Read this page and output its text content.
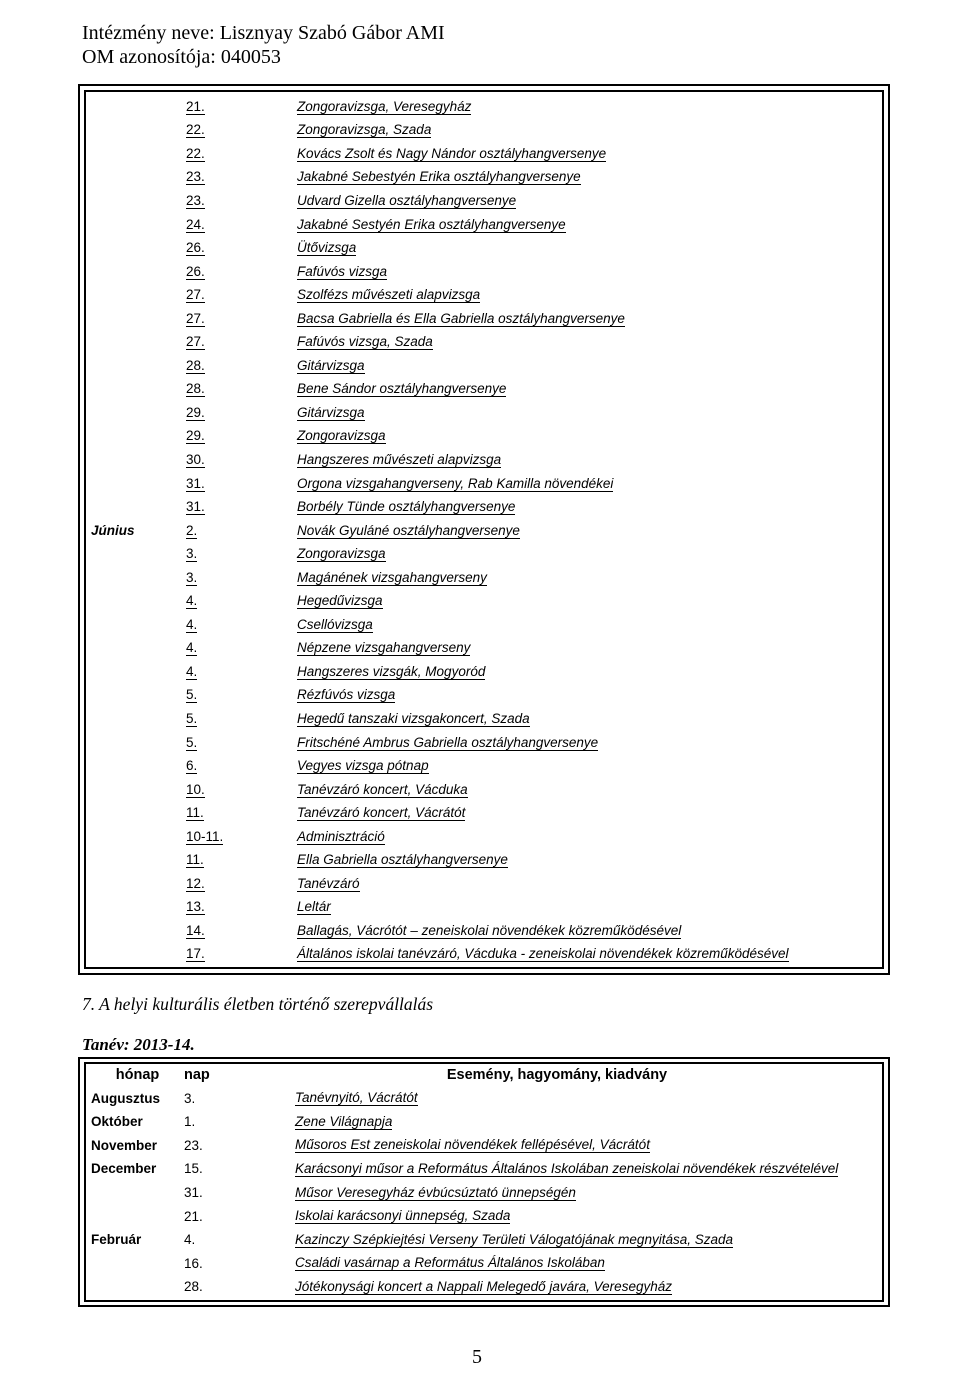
Intézmény neve: Lisznyay Szabó Gábor AMI
OM azonosítója: 040053
	21.	Zongoravizsga, Veresegyház
	22.	Zongoravizsga, Szada
	22.	Kovács Zsolt és Nagy Nándor osztályhangversenye
	23.	Jakabné Sebestyén Erika osztályhangversenye
	23.	Udvard Gizella osztályhangversenye
	24.	Jakabné Sestyén Erika osztályhangversenye
	26.	Ütővizsga
	26.	Fafúvós vizsga
	27.	Szolfézs művészeti alapvizsga
	27.	Bacsa Gabriella és Ella Gabriella osztályhangversenye
	27.	Fafúvós vizsga, Szada
	28.	Gitárvizsga
	28.	Bene Sándor osztályhangversenye
	29.	Gitárvizsga
	29.	Zongoravizsga
	30.	Hangszeres művészeti alapvizsga
	31.	Orgona vizsgahangverseny, Rab Kamilla növendékei
	31.	Borbély Tünde osztályhangversenye
Június	2.	Novák Gyuláné osztályhangversenye
	3.	Zongoravizsga
	3.	Magánének vizsgahangverseny
	4.	Hegedűvizsga
	4.	Csellóvizsga
	4.	Népzene vizsgahangverseny
	4.	Hangszeres vizsgák, Mogyoród
	5.	Rézfúvós vizsga
	5.	Hegedű tanszaki vizsgakoncert, Szada
	5.	Fritschéné Ambrus Gabriella osztályhangversenye
	6.	Vegyes vizsga pótnap
	10.	Tanévzáró koncert, Vácduka
	11.	Tanévzáró koncert, Vácrátót
	10-11.	Adminisztráció
	11.	Ella Gabriella osztályhangversenye
	12.	Tanévzáró
	13.	Leltár
	14.	Ballagás, Vácrótót – zeneiskolai növendékek közreműködésével
	17.	Általános iskolai tanévzáró, Vácduka - zeneiskolai növendékek közreműködésével
7. A helyi kulturális életben történő szerepvállalás
Tanév: 2013-14.
hónap	nap	Esemény, hagyomány, kiadvány
Augusztus	3.	Tanévnyitó, Vácrátót
Október	1.	Zene Világnapja
November	23.	Műsoros Est zeneiskolai növendékek fellépésével, Vácrátót
December	15.	Karácsonyi műsor a Református Általános Iskolában zeneiskolai növendékek részvételével
	31.	Műsor Veresegyház évbúcsúztató ünnepségén
	21.	Iskolai karácsonyi ünnepség, Szada
Február	4.	Kazinczy Szépkiejtési Verseny Területi Válogatójának megnyitása, Szada
	16.	Családi vasárnap a Református Általános Iskolában
	28.	Jótékonysági koncert a Nappali Melegedő javára, Veresegyház
5
